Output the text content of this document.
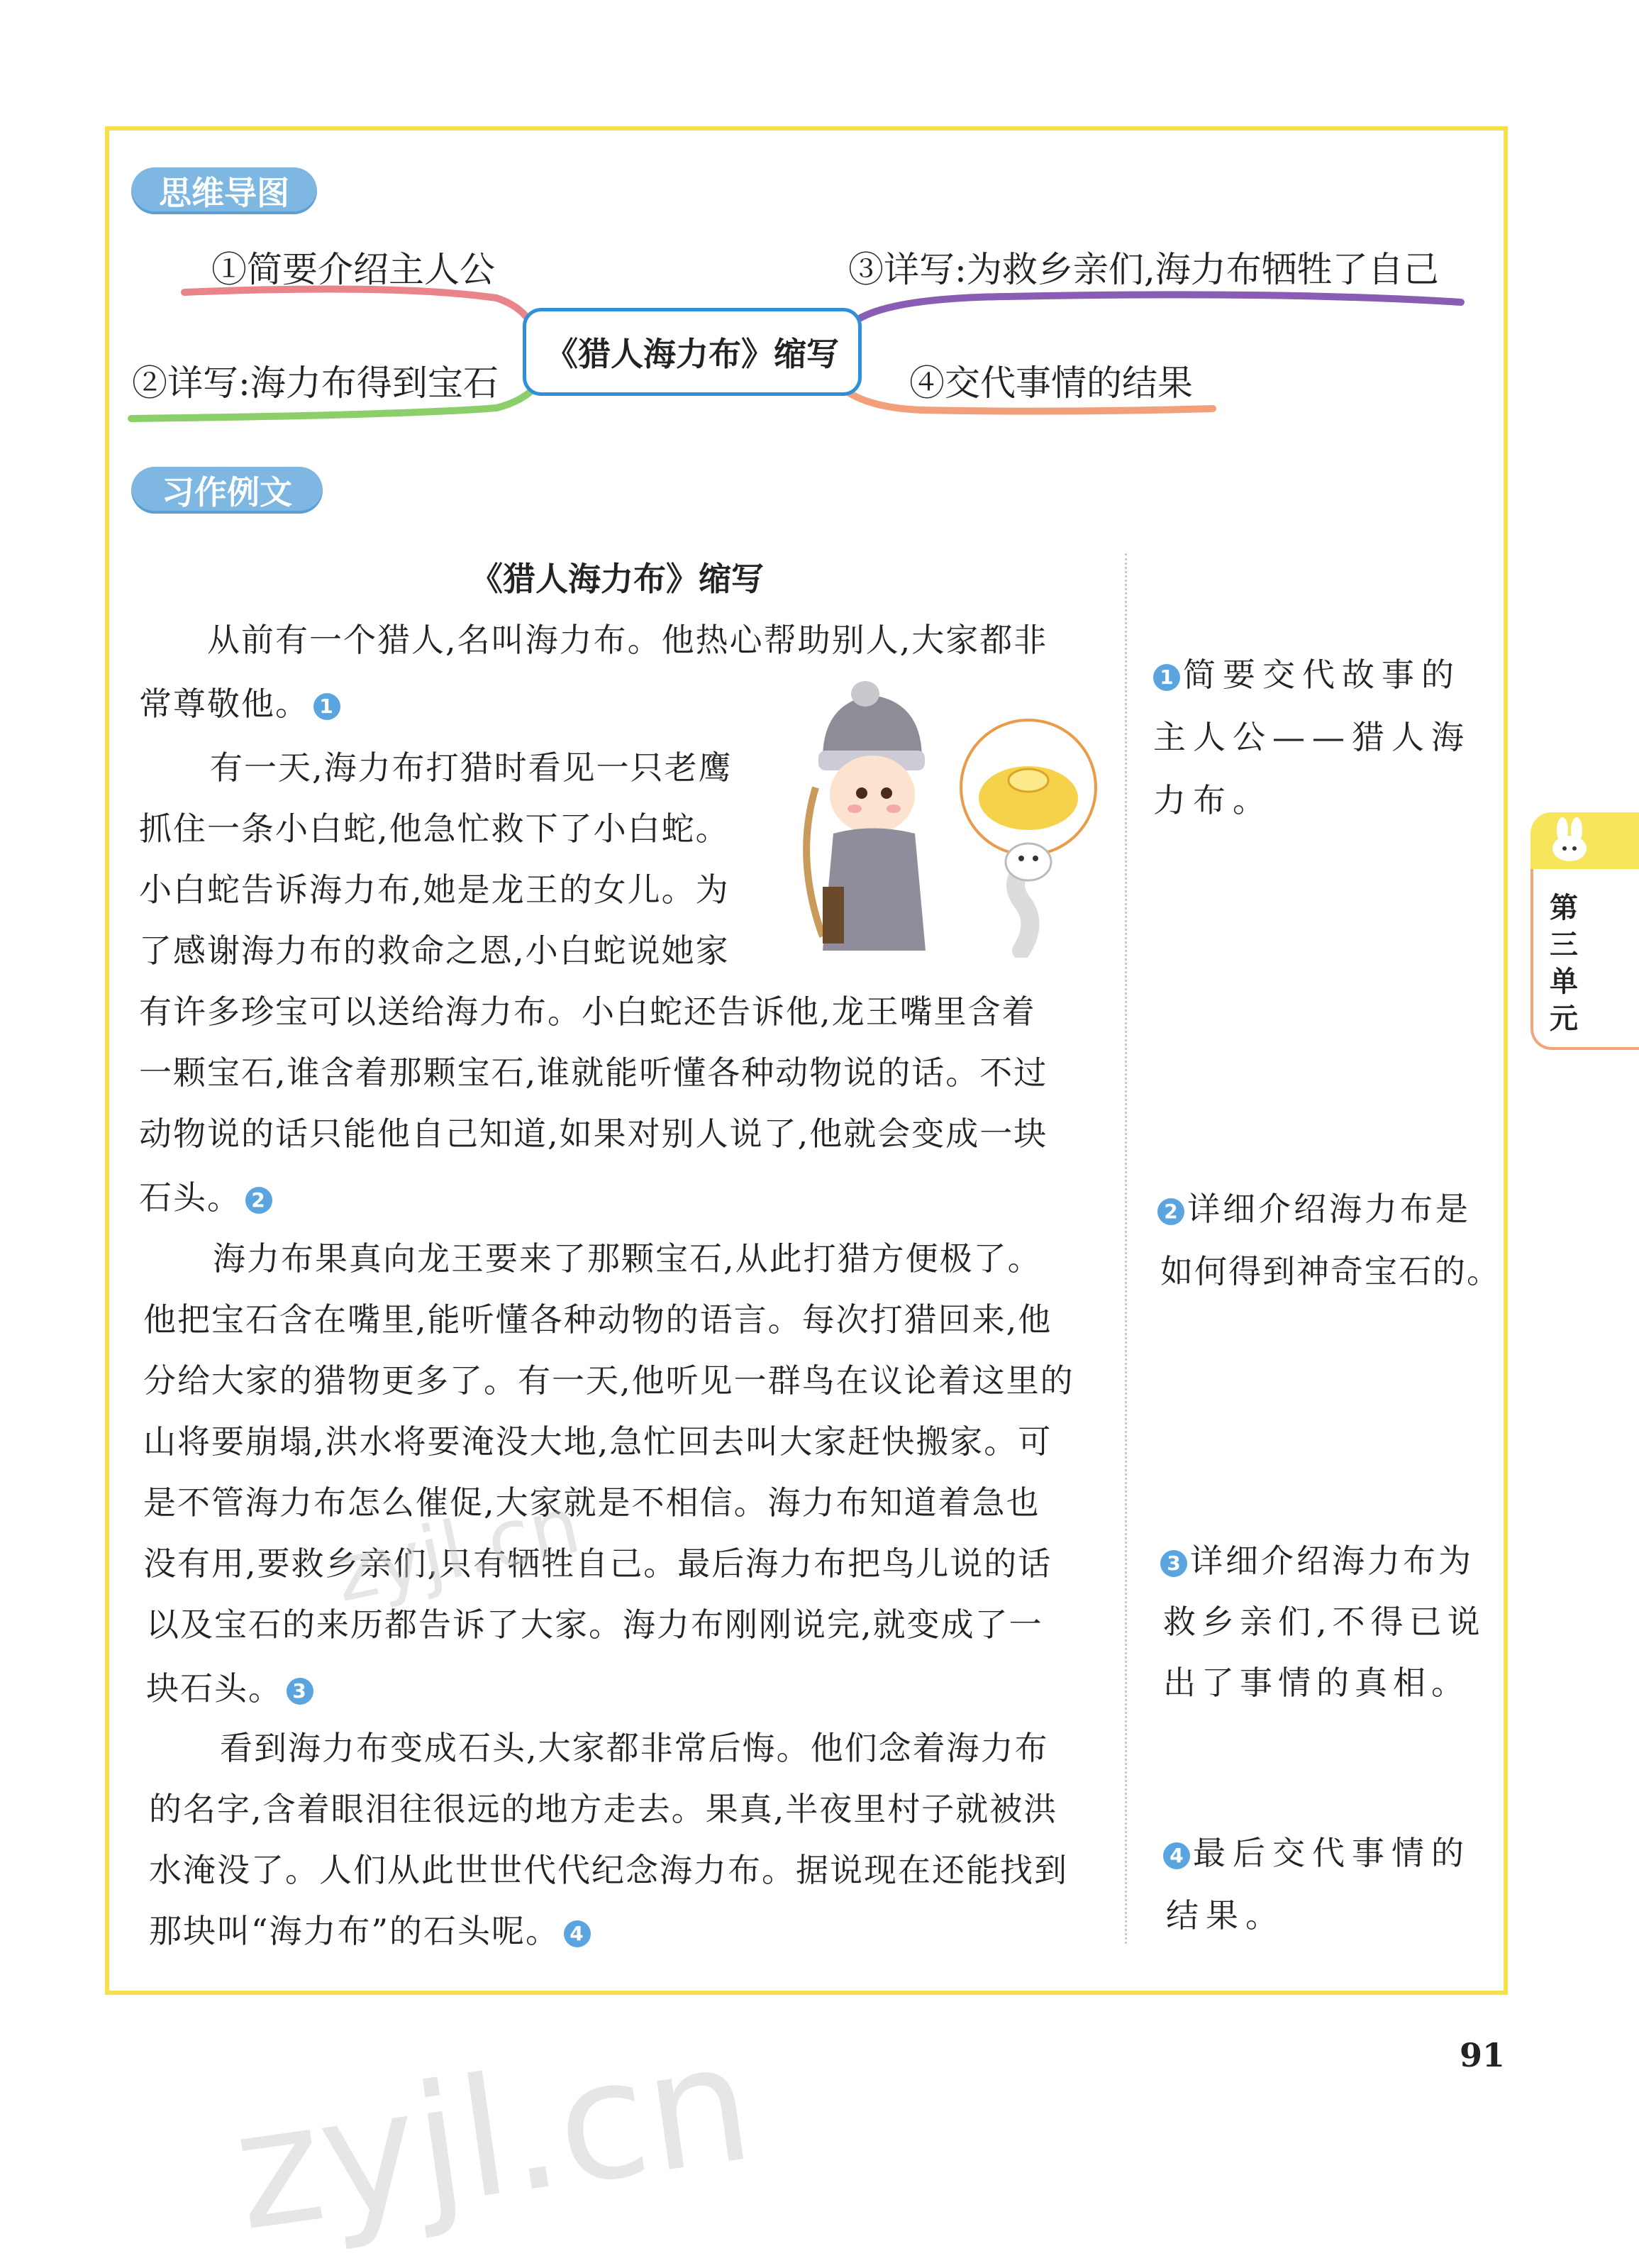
思维导图
①简要介绍主人公
②详写:海力布得到宝石
③详写:为救乡亲们,海力布牺牲了自己
④交代事情的结果
《猎人海力布》缩写
习作例文
《猎人海力布》缩写
从前有一个猎人,名叫海力布。他热心帮助别人,大家都非
常尊敬他。 1
有一天,海力布打猎时看见一只老鹰
抓住一条小白蛇,他急忙救下了小白蛇。
小白蛇告诉海力布,她是龙王的女儿。为
了感谢海力布的救命之恩,小白蛇说她家
有许多珍宝可以送给海力布。小白蛇还告诉他,龙王嘴里含着
一颗宝石,谁含着那颗宝石,谁就能听懂各种动物说的话。不过
动物说的话只能他自己知道,如果对别人说了,他就会变成一块
石头。 2
海力布果真向龙王要来了那颗宝石,从此打猎方便极了。
他把宝石含在嘴里,能听懂各种动物的语言。每次打猎回来,他
分给大家的猎物更多了。有一天,他听见一群鸟在议论着这里的
山将要崩塌,洪水将要淹没大地,急忙回去叫大家赶快搬家。可
是不管海力布怎么催促,大家就是不相信。海力布知道着急也
没有用,要救乡亲们,只有牺牲自己。最后海力布把鸟儿说的话
以及宝石的来历都告诉了大家。海力布刚刚说完,就变成了一
块石头。 3
看到海力布变成石头,大家都非常后悔。他们念着海力布
的名字,含着眼泪往很远的地方走去。果真,半夜里村子就被洪
水淹没了。人们从此世世代代纪念海力布。据说现在还能找到
那块叫“海力布”的石头呢。 4
1 简要交代故事的
主人公——猎人海
力布。
2 详细介绍海力布是
如何得到神奇宝石的。
3 详细介绍海力布为
救乡亲们,不得已说
出了事情的真相。
4 最后交代事情的
结果。
第
三
单
元
91
zyjl.cn
zyjl.cn
